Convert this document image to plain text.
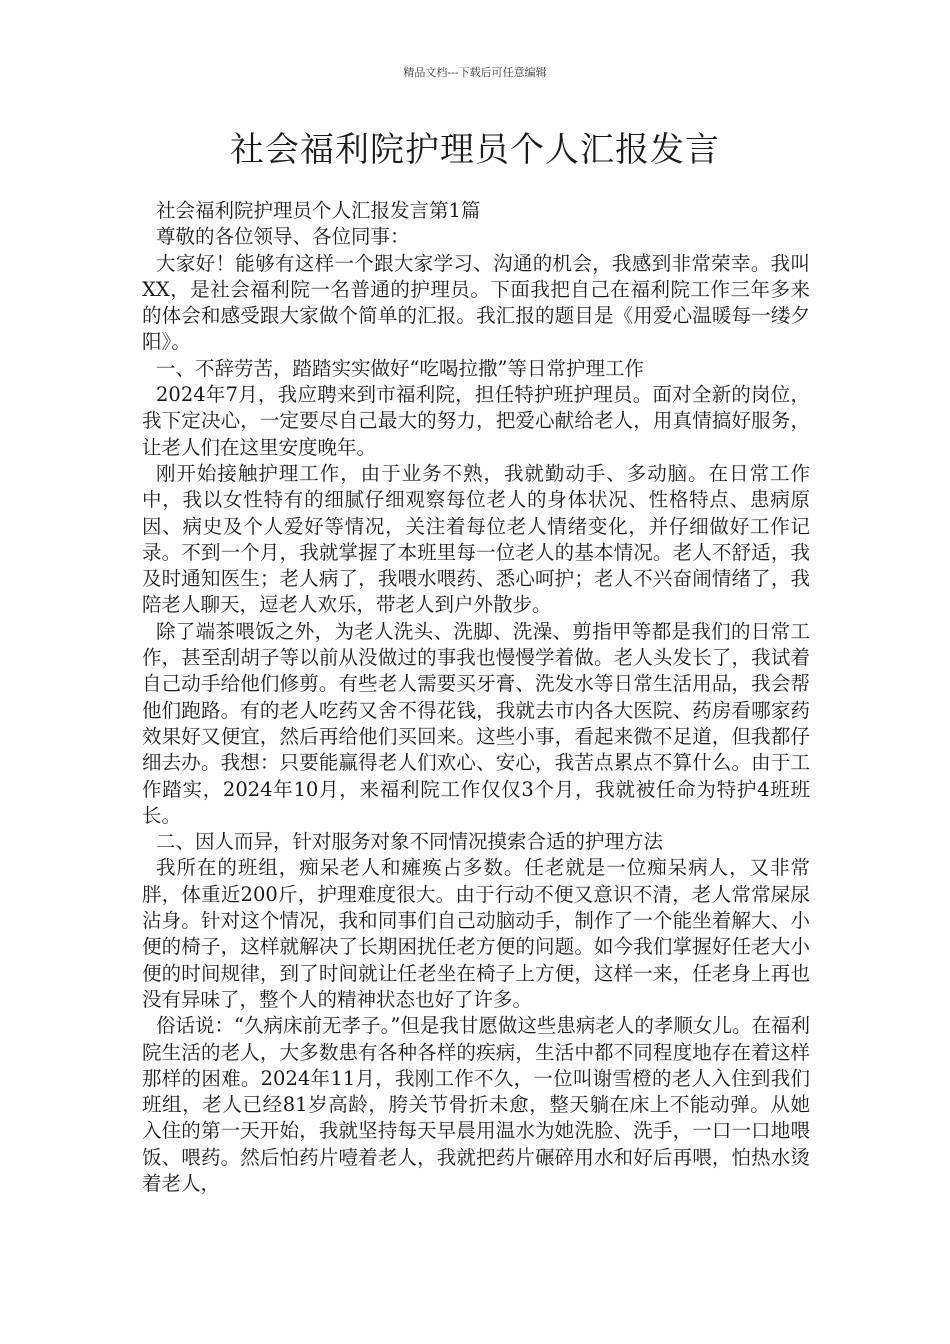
精品文档---下载后可任意编辑
社会福利院护理员个人汇报发言

社会福利院护理员个人汇报发言第1篇

尊敬的各位领导、各位同事：

大家好！能够有这样一个跟大家学习、沟通的机会，我感到非常荣幸。我叫XX，是社会福利院一名普通的护理员。下面我把自己在福利院工作三年多来的体会和感受跟大家做个简单的汇报。我汇报的题目是《用爱心温暖每一缕夕阳》。

一、不辞劳苦，踏踏实实做好“吃喝拉撒”等日常护理工作

2024年7月，我应聘来到市福利院，担任特护班护理员。面对全新的岗位，我下定决心，一定要尽自己最大的努力，把爱心献给老人，用真情搞好服务，让老人们在这里安度晚年。

刚开始接触护理工作，由于业务不熟，我就勤动手、多动脑。在日常工作中，我以女性特有的细腻仔细观察每位老人的身体状况、性格特点、患病原因、病史及个人爱好等情况，关注着每位老人情绪变化，并仔细做好工作记录。不到一个月，我就掌握了本班里每一位老人的基本情况。老人不舒适，我及时通知医生；老人病了，我喂水喂药、悉心呵护；老人不兴奋闹情绪了，我陪老人聊天，逗老人欢乐，带老人到户外散步。

除了端茶喂饭之外，为老人洗头、洗脚、洗澡、剪指甲等都是我们的日常工作，甚至刮胡子等以前从没做过的事我也慢慢学着做。老人头发长了，我试着自己动手给他们修剪。有些老人需要买牙膏、洗发水等日常生活用品，我会帮他们跑路。有的老人吃药又舍不得花钱，我就去市内各大医院、药房看哪家药效果好又便宜，然后再给他们买回来。这些小事，看起来微不足道，但我都仔细去办。我想：只要能赢得老人们欢心、安心，我苦点累点不算什么。由于工作踏实，2024年10月，来福利院工作仅仅3个月，我就被任命为特护4班班长。

二、因人而异，针对服务对象不同情况摸索合适的护理方法

我所在的班组，痴呆老人和瘫痪占多数。任老就是一位痴呆病人，又非常胖，体重近200斤，护理难度很大。由于行动不便又意识不清，老人常常屎尿沾身。针对这个情况，我和同事们自己动脑动手，制作了一个能坐着解大、小便的椅子，这样就解决了长期困扰任老方便的问题。如今我们掌握好任老大小便的时间规律，到了时间就让任老坐在椅子上方便，这样一来，任老身上再也没有异味了，整个人的精神状态也好了许多。

俗话说：“久病床前无孝子。”但是我甘愿做这些患病老人的孝顺女儿。在福利院生活的老人，大多数患有各种各样的疾病，生活中都不同程度地存在着这样那样的困难。2024年11月，我刚工作不久，一位叫谢雪橙的老人入住到我们班组，老人已经81岁高龄，胯关节骨折未愈，整天躺在床上不能动弹。从她入住的第一天开始，我就坚持每天早晨用温水为她洗脸、洗手，一口一口地喂饭、喂药。然后怕药片噎着老人，我就把药片碾碎用水和好后再喂，怕热水烫着老人，
